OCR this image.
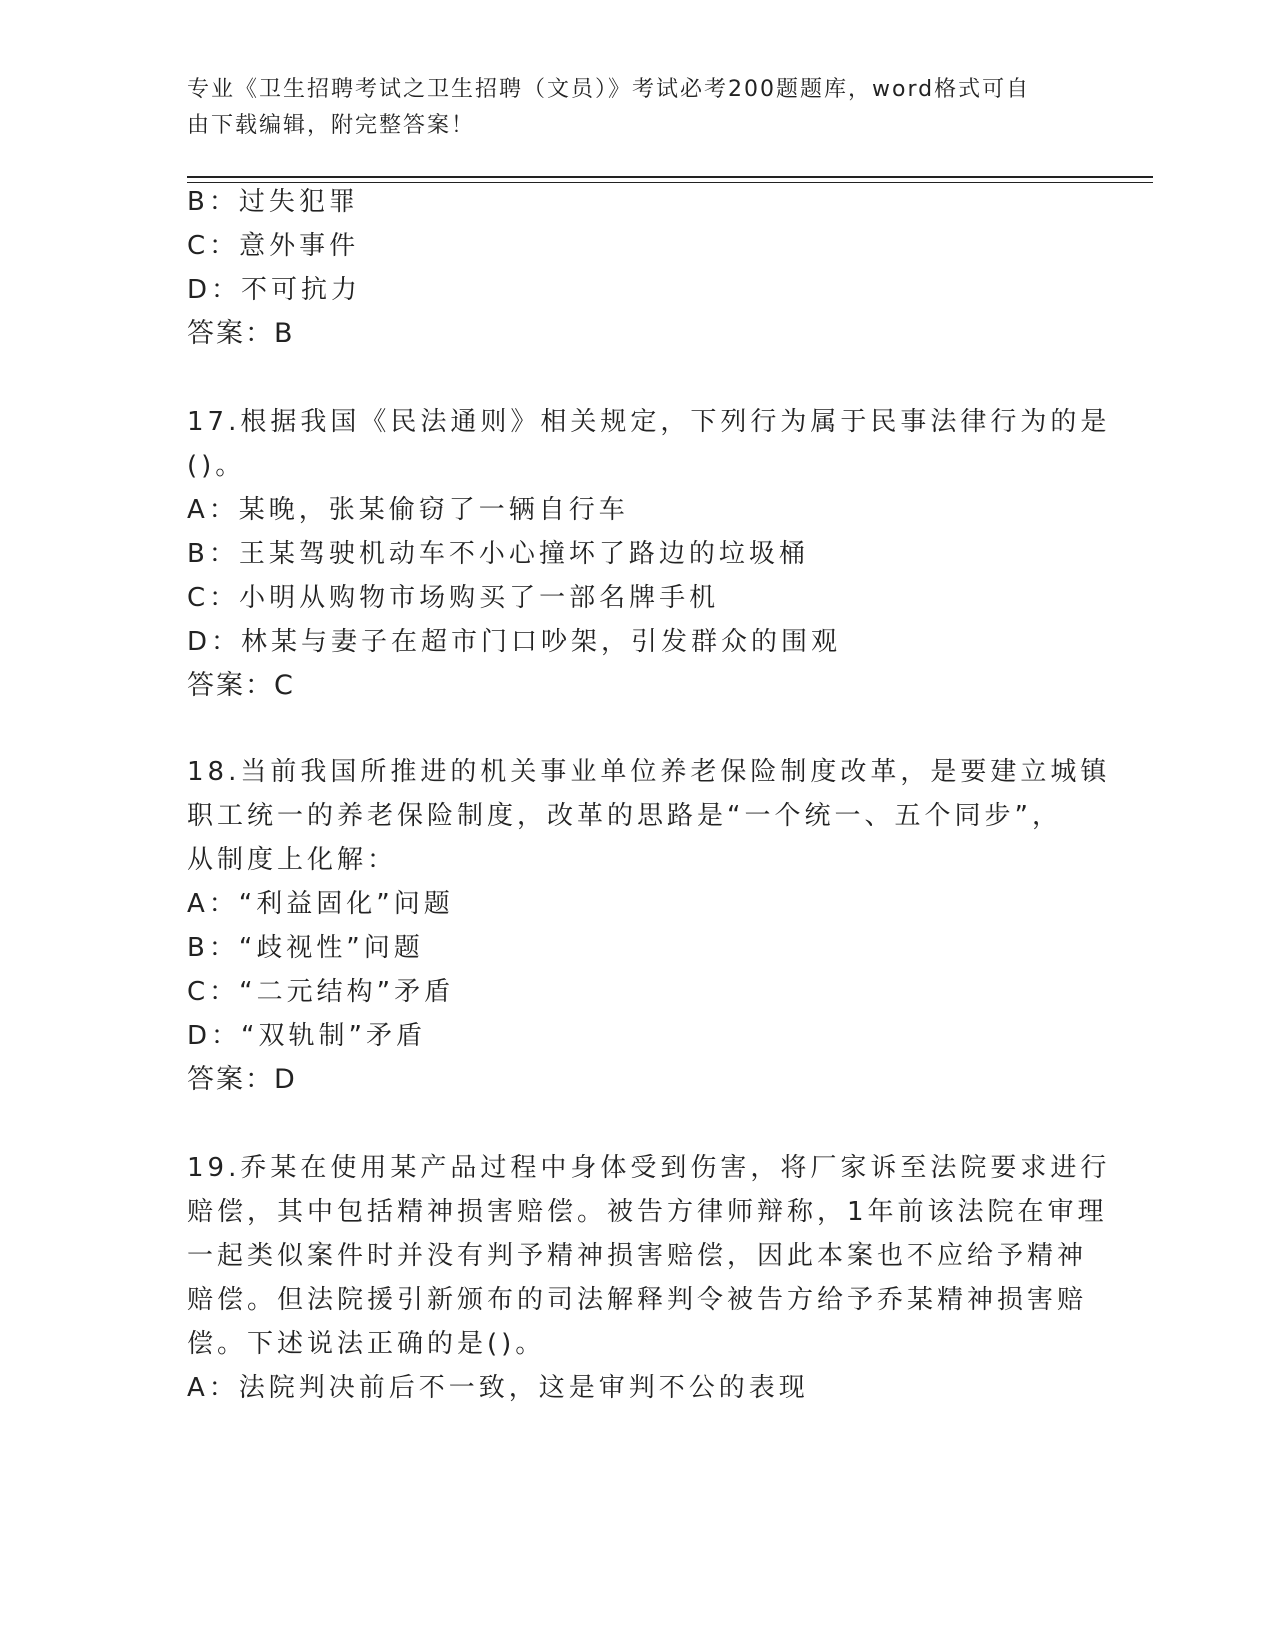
专业《卫生招聘考试之卫生招聘（文员）》考试必考200题题库，word格式可自
由下载编辑，附完整答案！
B：过失犯罪
C：意外事件
D：不可抗力
答案：B
17.根据我国《民法通则》相关规定，下列行为属于民事法律行为的是
()。
A：某晚，张某偷窃了一辆自行车
B：王某驾驶机动车不小心撞坏了路边的垃圾桶
C：小明从购物市场购买了一部名牌手机
D：林某与妻子在超市门口吵架，引发群众的围观
答案：C
18.当前我国所推进的机关事业单位养老保险制度改革，是要建立城镇
职工统一的养老保险制度，改革的思路是“一个统一、五个同步”，
从制度上化解：
A：“利益固化”问题
B：“歧视性”问题
C：“二元结构”矛盾
D：“双轨制”矛盾
答案：D
19.乔某在使用某产品过程中身体受到伤害，将厂家诉至法院要求进行
赔偿，其中包括精神损害赔偿。被告方律师辩称，1年前该法院在审理
一起类似案件时并没有判予精神损害赔偿，因此本案也不应给予精神
赔偿。但法院援引新颁布的司法解释判令被告方给予乔某精神损害赔
偿。下述说法正确的是()。
A：法院判决前后不一致，这是审判不公的表现
